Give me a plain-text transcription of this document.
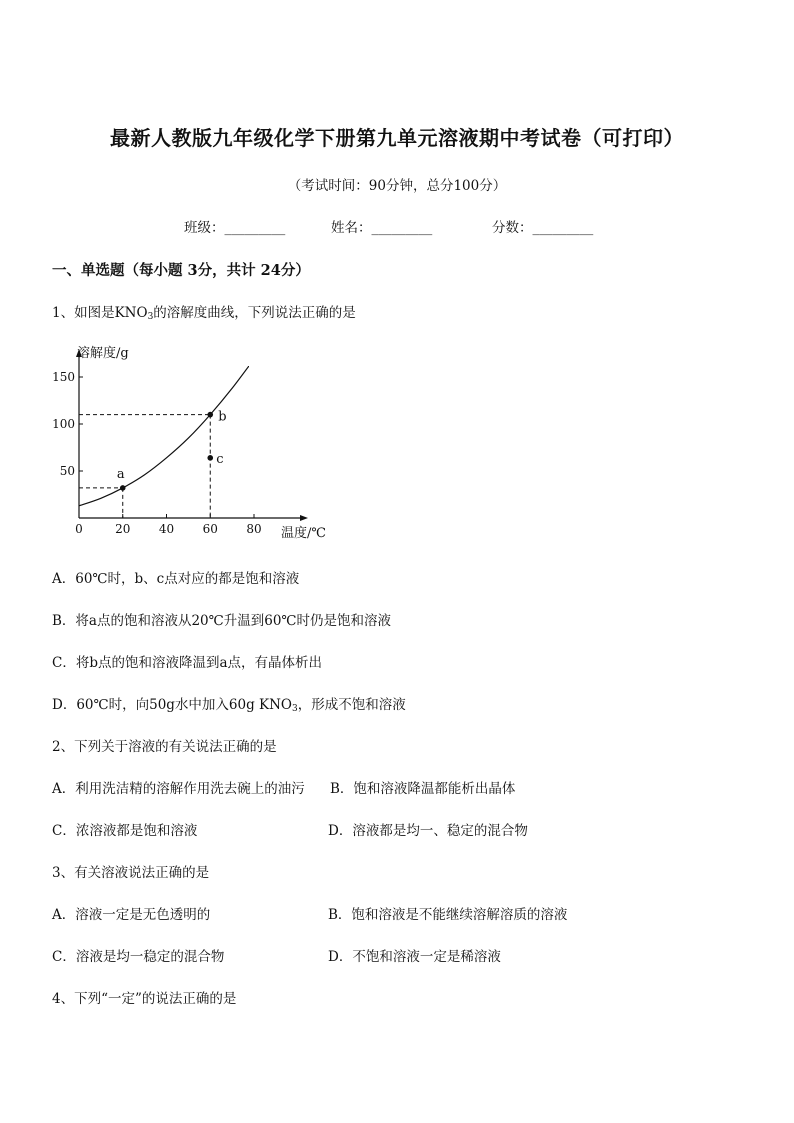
最新人教版九年级化学下册第九单元溶液期中考试卷（可打印）
（考试时间：90分钟，总分100分）
班级：_________	姓名：_________	分数：_________
一、单选题（每小题 3分，共计 24分）
1、如图是$KNO_3$的溶解度曲线，下列说法正确的是
50
100
150
0	20 40 60 80
溶解度/g
温度/℃
a
b
c
A．60℃时，b、c点对应的都是饱和溶液
B．将a点的饱和溶液从20℃升温到60℃时仍是饱和溶液
C．将b点的饱和溶液降温到a点，有晶体析出
D．60℃时，向50g水中加入60g $KNO_3$，形成不饱和溶液
2、下列关于溶液的有关说法正确的是
A．利用洗洁精的溶解作用洗去碗上的油污 B．饱和溶液降温都能析出晶体
C．浓溶液都是饱和溶液	D．溶液都是均一、稳定的混合物
3、有关溶液说法正确的是
A．溶液一定是无色透明的	B．饱和溶液是不能继续溶解溶质的溶液
C．溶液是均一稳定的混合物	D．不饱和溶液一定是稀溶液
4、下列“一定”的说法正确的是
